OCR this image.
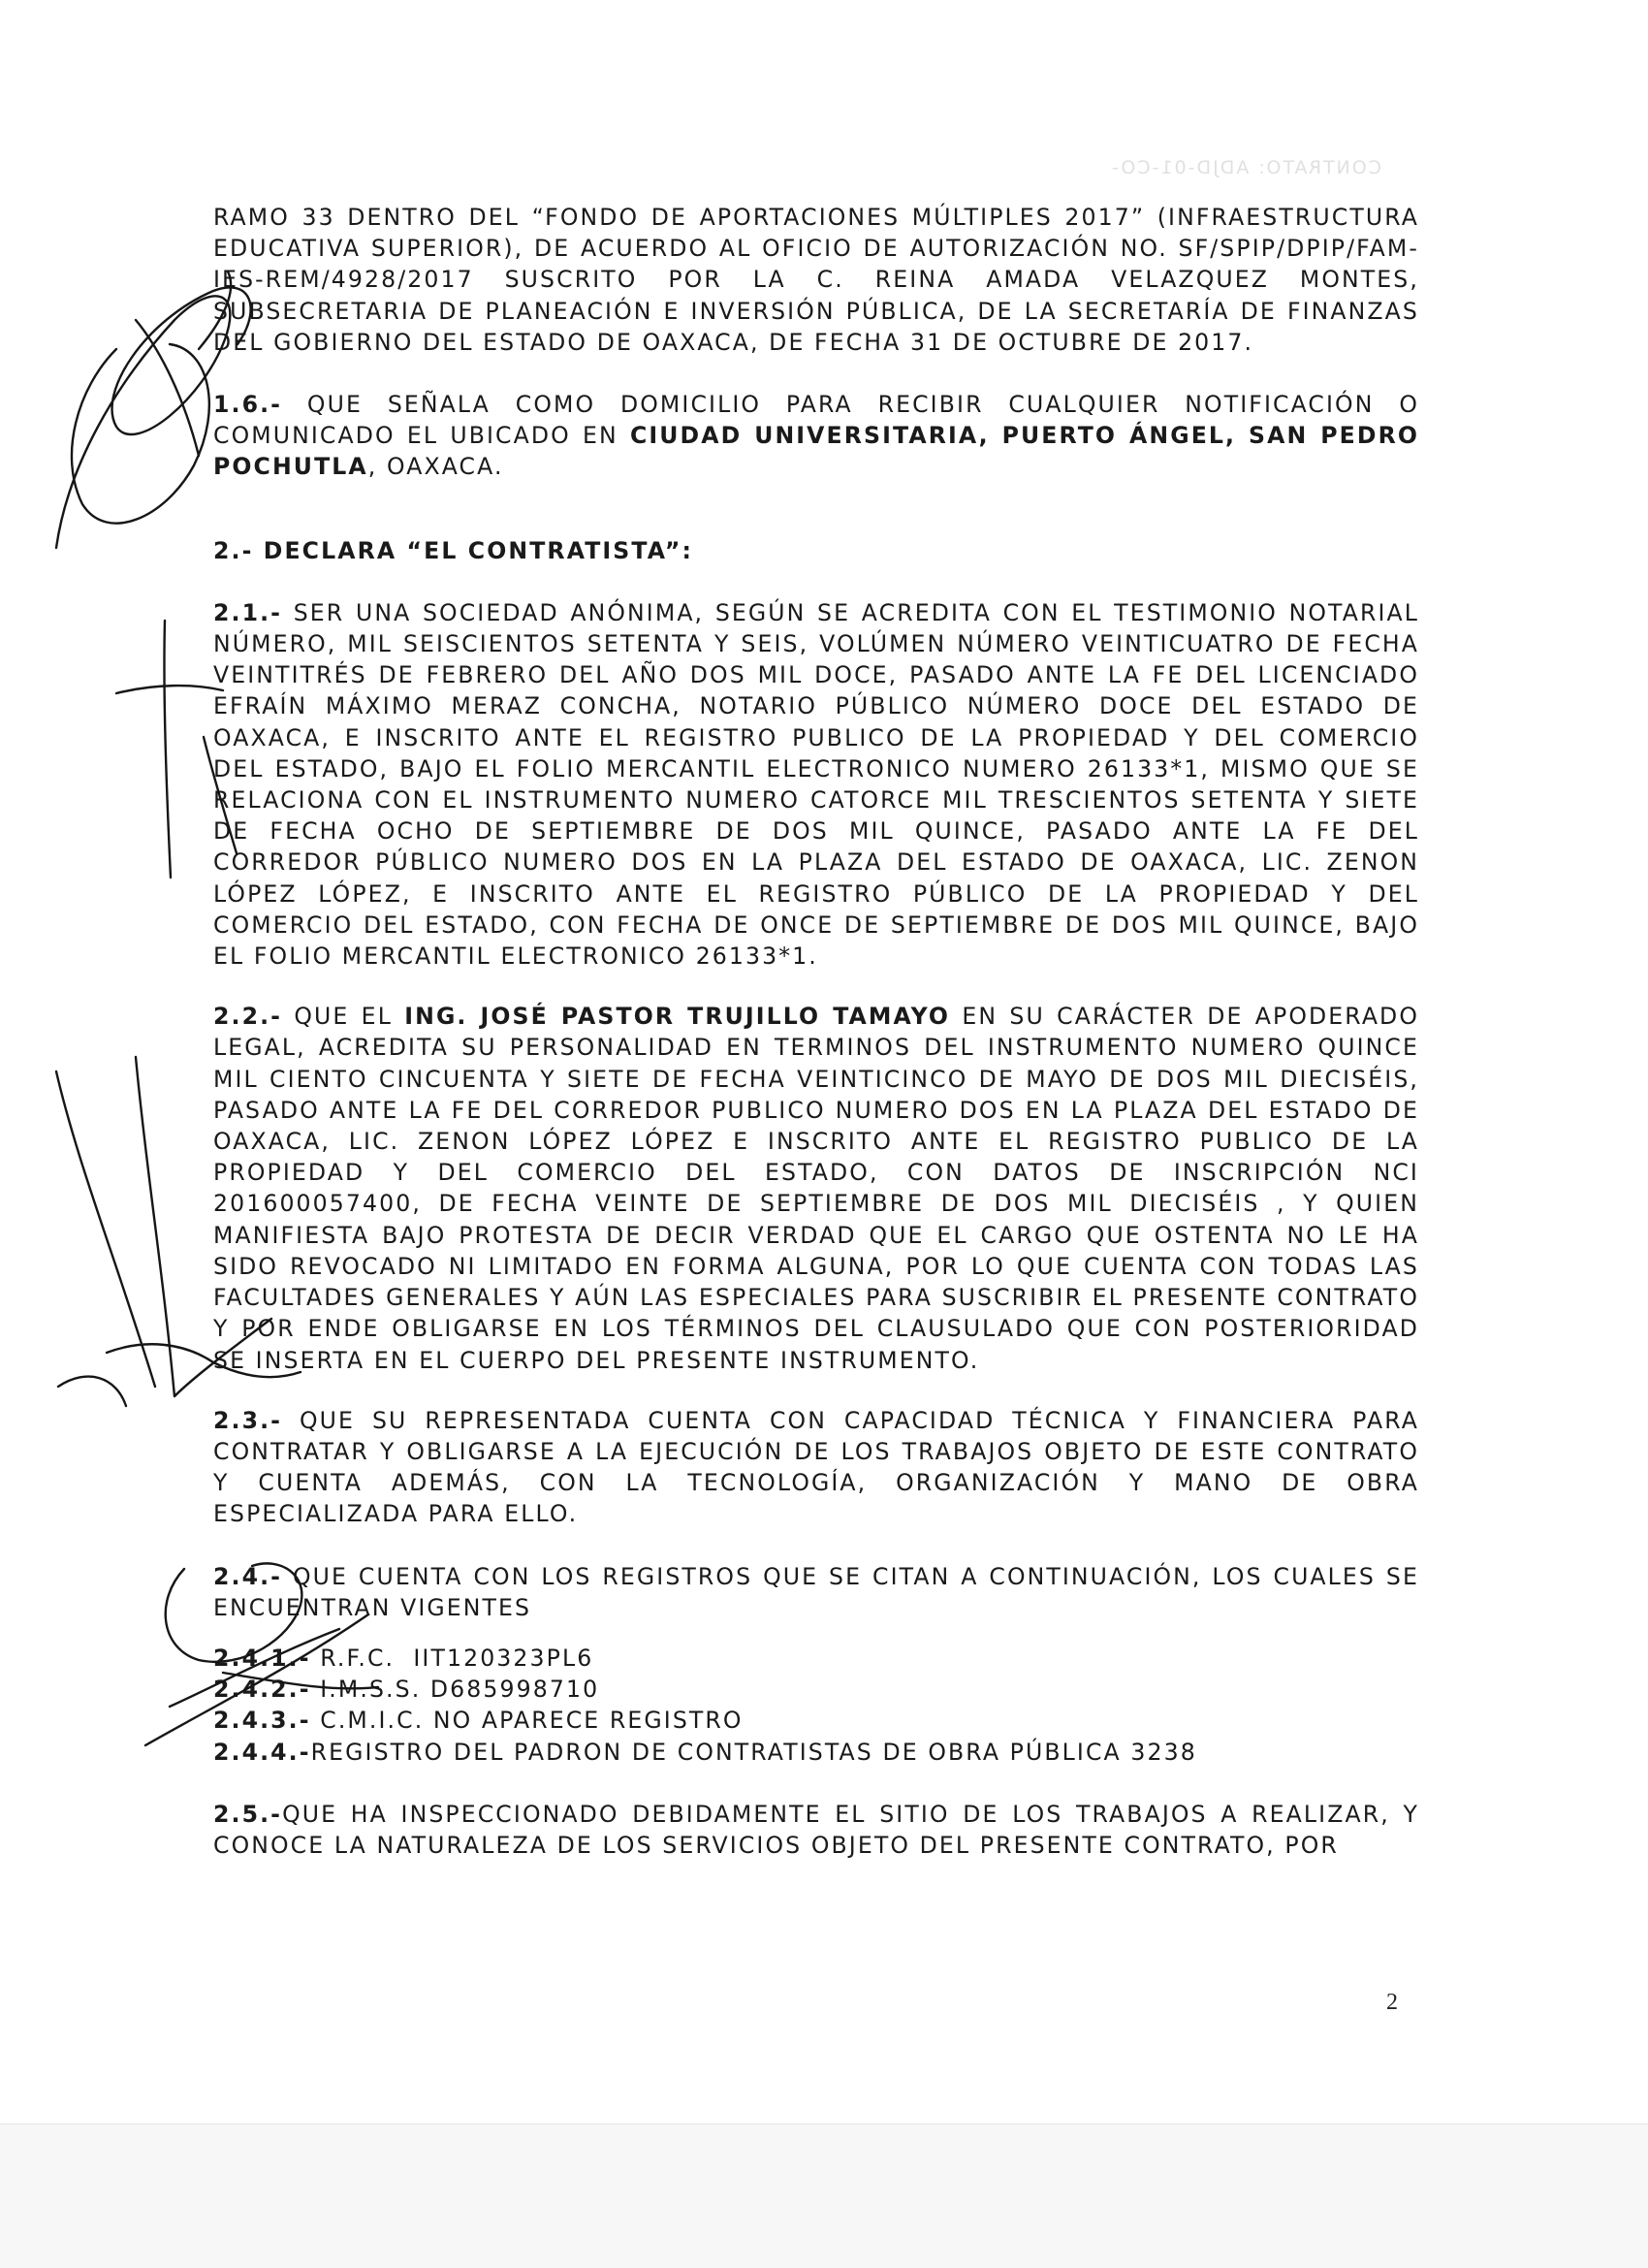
CONTRATO: ADJD-01-CO-

RAMO 33 DENTRO DEL “FONDO DE APORTACIONES MÚLTIPLES 2017” (INFRAESTRUCTURA EDUCATIVA SUPERIOR), DE ACUERDO AL OFICIO DE AUTORIZACIÓN NO. SF/SPIP/DPIP/FAM-IES-REM/4928/2017 SUSCRITO POR LA C. REINA AMADA VELAZQUEZ MONTES, SUBSECRETARIA DE PLANEACIÓN E INVERSIÓN PÚBLICA, DE LA SECRETARÍA DE FINANZAS DEL GOBIERNO DEL ESTADO DE OAXACA, DE FECHA 31 DE OCTUBRE DE 2017.

1.6.- QUE SEÑALA COMO DOMICILIO PARA RECIBIR CUALQUIER NOTIFICACIÓN O COMUNICADO EL UBICADO EN CIUDAD UNIVERSITARIA, PUERTO ÁNGEL, SAN PEDRO POCHUTLA, OAXACA.

2.- DECLARA “EL CONTRATISTA”:

2.1.- SER UNA SOCIEDAD ANÓNIMA, SEGÚN SE ACREDITA CON EL TESTIMONIO NOTARIAL NÚMERO, MIL SEISCIENTOS SETENTA Y SEIS, VOLÚMEN NÚMERO VEINTICUATRO DE FECHA VEINTITRÉS DE FEBRERO DEL AÑO DOS MIL DOCE, PASADO ANTE LA FE DEL LICENCIADO EFRAÍN MÁXIMO MERAZ CONCHA, NOTARIO PÚBLICO NÚMERO DOCE DEL ESTADO DE OAXACA, E INSCRITO ANTE EL REGISTRO PUBLICO DE LA PROPIEDAD Y DEL COMERCIO DEL ESTADO, BAJO EL FOLIO MERCANTIL ELECTRONICO NUMERO 26133*1, MISMO QUE SE RELACIONA CON EL INSTRUMENTO NUMERO CATORCE MIL TRESCIENTOS SETENTA Y SIETE DE FECHA OCHO DE SEPTIEMBRE DE DOS MIL QUINCE, PASADO ANTE LA FE DEL CORREDOR PÚBLICO NUMERO DOS EN LA PLAZA DEL ESTADO DE OAXACA, LIC. ZENON LÓPEZ LÓPEZ, E INSCRITO ANTE EL REGISTRO PÚBLICO DE LA PROPIEDAD Y DEL COMERCIO DEL ESTADO, CON FECHA DE ONCE DE SEPTIEMBRE DE DOS MIL QUINCE, BAJO EL FOLIO MERCANTIL ELECTRONICO 26133*1.

2.2.- QUE EL ING. JOSÉ PASTOR TRUJILLO TAMAYO EN SU CARÁCTER DE APODERADO LEGAL, ACREDITA SU PERSONALIDAD EN TERMINOS DEL INSTRUMENTO NUMERO QUINCE MIL CIENTO CINCUENTA Y SIETE DE FECHA VEINTICINCO DE MAYO DE DOS MIL DIECISÉIS, PASADO ANTE LA FE DEL CORREDOR PUBLICO NUMERO DOS EN LA PLAZA DEL ESTADO DE OAXACA, LIC. ZENON LÓPEZ LÓPEZ E INSCRITO ANTE EL REGISTRO PUBLICO DE LA PROPIEDAD Y DEL COMERCIO DEL ESTADO, CON DATOS DE INSCRIPCIÓN NCI 201600057400, DE FECHA VEINTE DE SEPTIEMBRE DE DOS MIL DIECISÉIS , Y QUIEN MANIFIESTA BAJO PROTESTA DE DECIR VERDAD QUE EL CARGO QUE OSTENTA NO LE HA SIDO REVOCADO NI LIMITADO EN FORMA ALGUNA, POR LO QUE CUENTA CON TODAS LAS FACULTADES GENERALES Y AÚN LAS ESPECIALES PARA SUSCRIBIR EL PRESENTE CONTRATO Y POR ENDE OBLIGARSE EN LOS TÉRMINOS DEL CLAUSULADO QUE CON POSTERIORIDAD SE INSERTA EN EL CUERPO DEL PRESENTE INSTRUMENTO.

2.3.- QUE SU REPRESENTADA CUENTA CON CAPACIDAD TÉCNICA Y FINANCIERA PARA CONTRATAR Y OBLIGARSE A LA EJECUCIÓN DE LOS TRABAJOS OBJETO DE ESTE CONTRATO Y CUENTA ADEMÁS, CON LA TECNOLOGÍA, ORGANIZACIÓN Y MANO DE OBRA ESPECIALIZADA PARA ELLO.

2.4.- QUE CUENTA CON LOS REGISTROS QUE SE CITAN A CONTINUACIÓN, LOS CUALES SE ENCUENTRAN VIGENTES

2.4.1.- R.F.C.  IIT120323PL6

2.4.2.- I.M.S.S. D685998710

2.4.3.- C.M.I.C. NO APARECE REGISTRO

2.4.4.-REGISTRO DEL PADRON DE CONTRATISTAS DE OBRA PÚBLICA 3238

2.5.-QUE HA INSPECCIONADO DEBIDAMENTE EL SITIO DE LOS TRABAJOS A REALIZAR, Y CONOCE LA NATURALEZA DE LOS SERVICIOS OBJETO DEL PRESENTE CONTRATO, POR

2
